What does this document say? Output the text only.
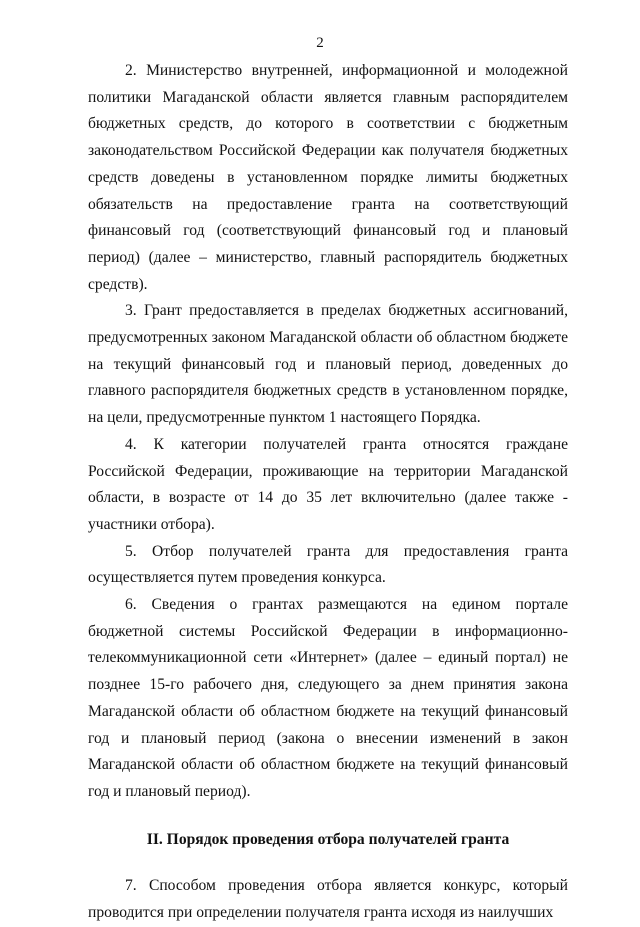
2

2. Министерство внутренней, информационной и молодежной политики Магаданской области является главным распорядителем бюджетных средств, до которого в соответствии с бюджетным законодательством Российской Федерации как получателя бюджетных средств доведены в установленном порядке лимиты бюджетных обязательств на предоставление гранта на соответствующий финансовый год (соответствующий финансовый год и плановый период) (далее – министерство, главный распорядитель бюджетных средств).

3. Грант предоставляется в пределах бюджетных ассигнований, предусмотренных законом Магаданской области об областном бюджете на текущий финансовый год и плановый период, доведенных до главного распорядителя бюджетных средств в установленном порядке, на цели, предусмотренные пунктом 1 настоящего Порядка.

4. К категории получателей гранта относятся граждане Российской Федерации, проживающие на территории Магаданской области, в возрасте от 14 до 35 лет включительно (далее также - участники отбора).

5. Отбор получателей гранта для предоставления гранта осуществляется путем проведения конкурса.

6. Сведения о грантах размещаются на едином портале бюджетной системы Российской Федерации в информационно-телекоммуникационной сети «Интернет» (далее – единый портал) не позднее 15-го рабочего дня, следующего за днем принятия закона Магаданской области об областном бюджете на текущий финансовый год и плановый период (закона о внесении изменений в закон Магаданской области об областном бюджете на текущий финансовый год и плановый период).

II. Порядок проведения отбора получателей гранта

7. Способом проведения отбора является конкурс, который проводится при определении получателя гранта исходя из наилучших
